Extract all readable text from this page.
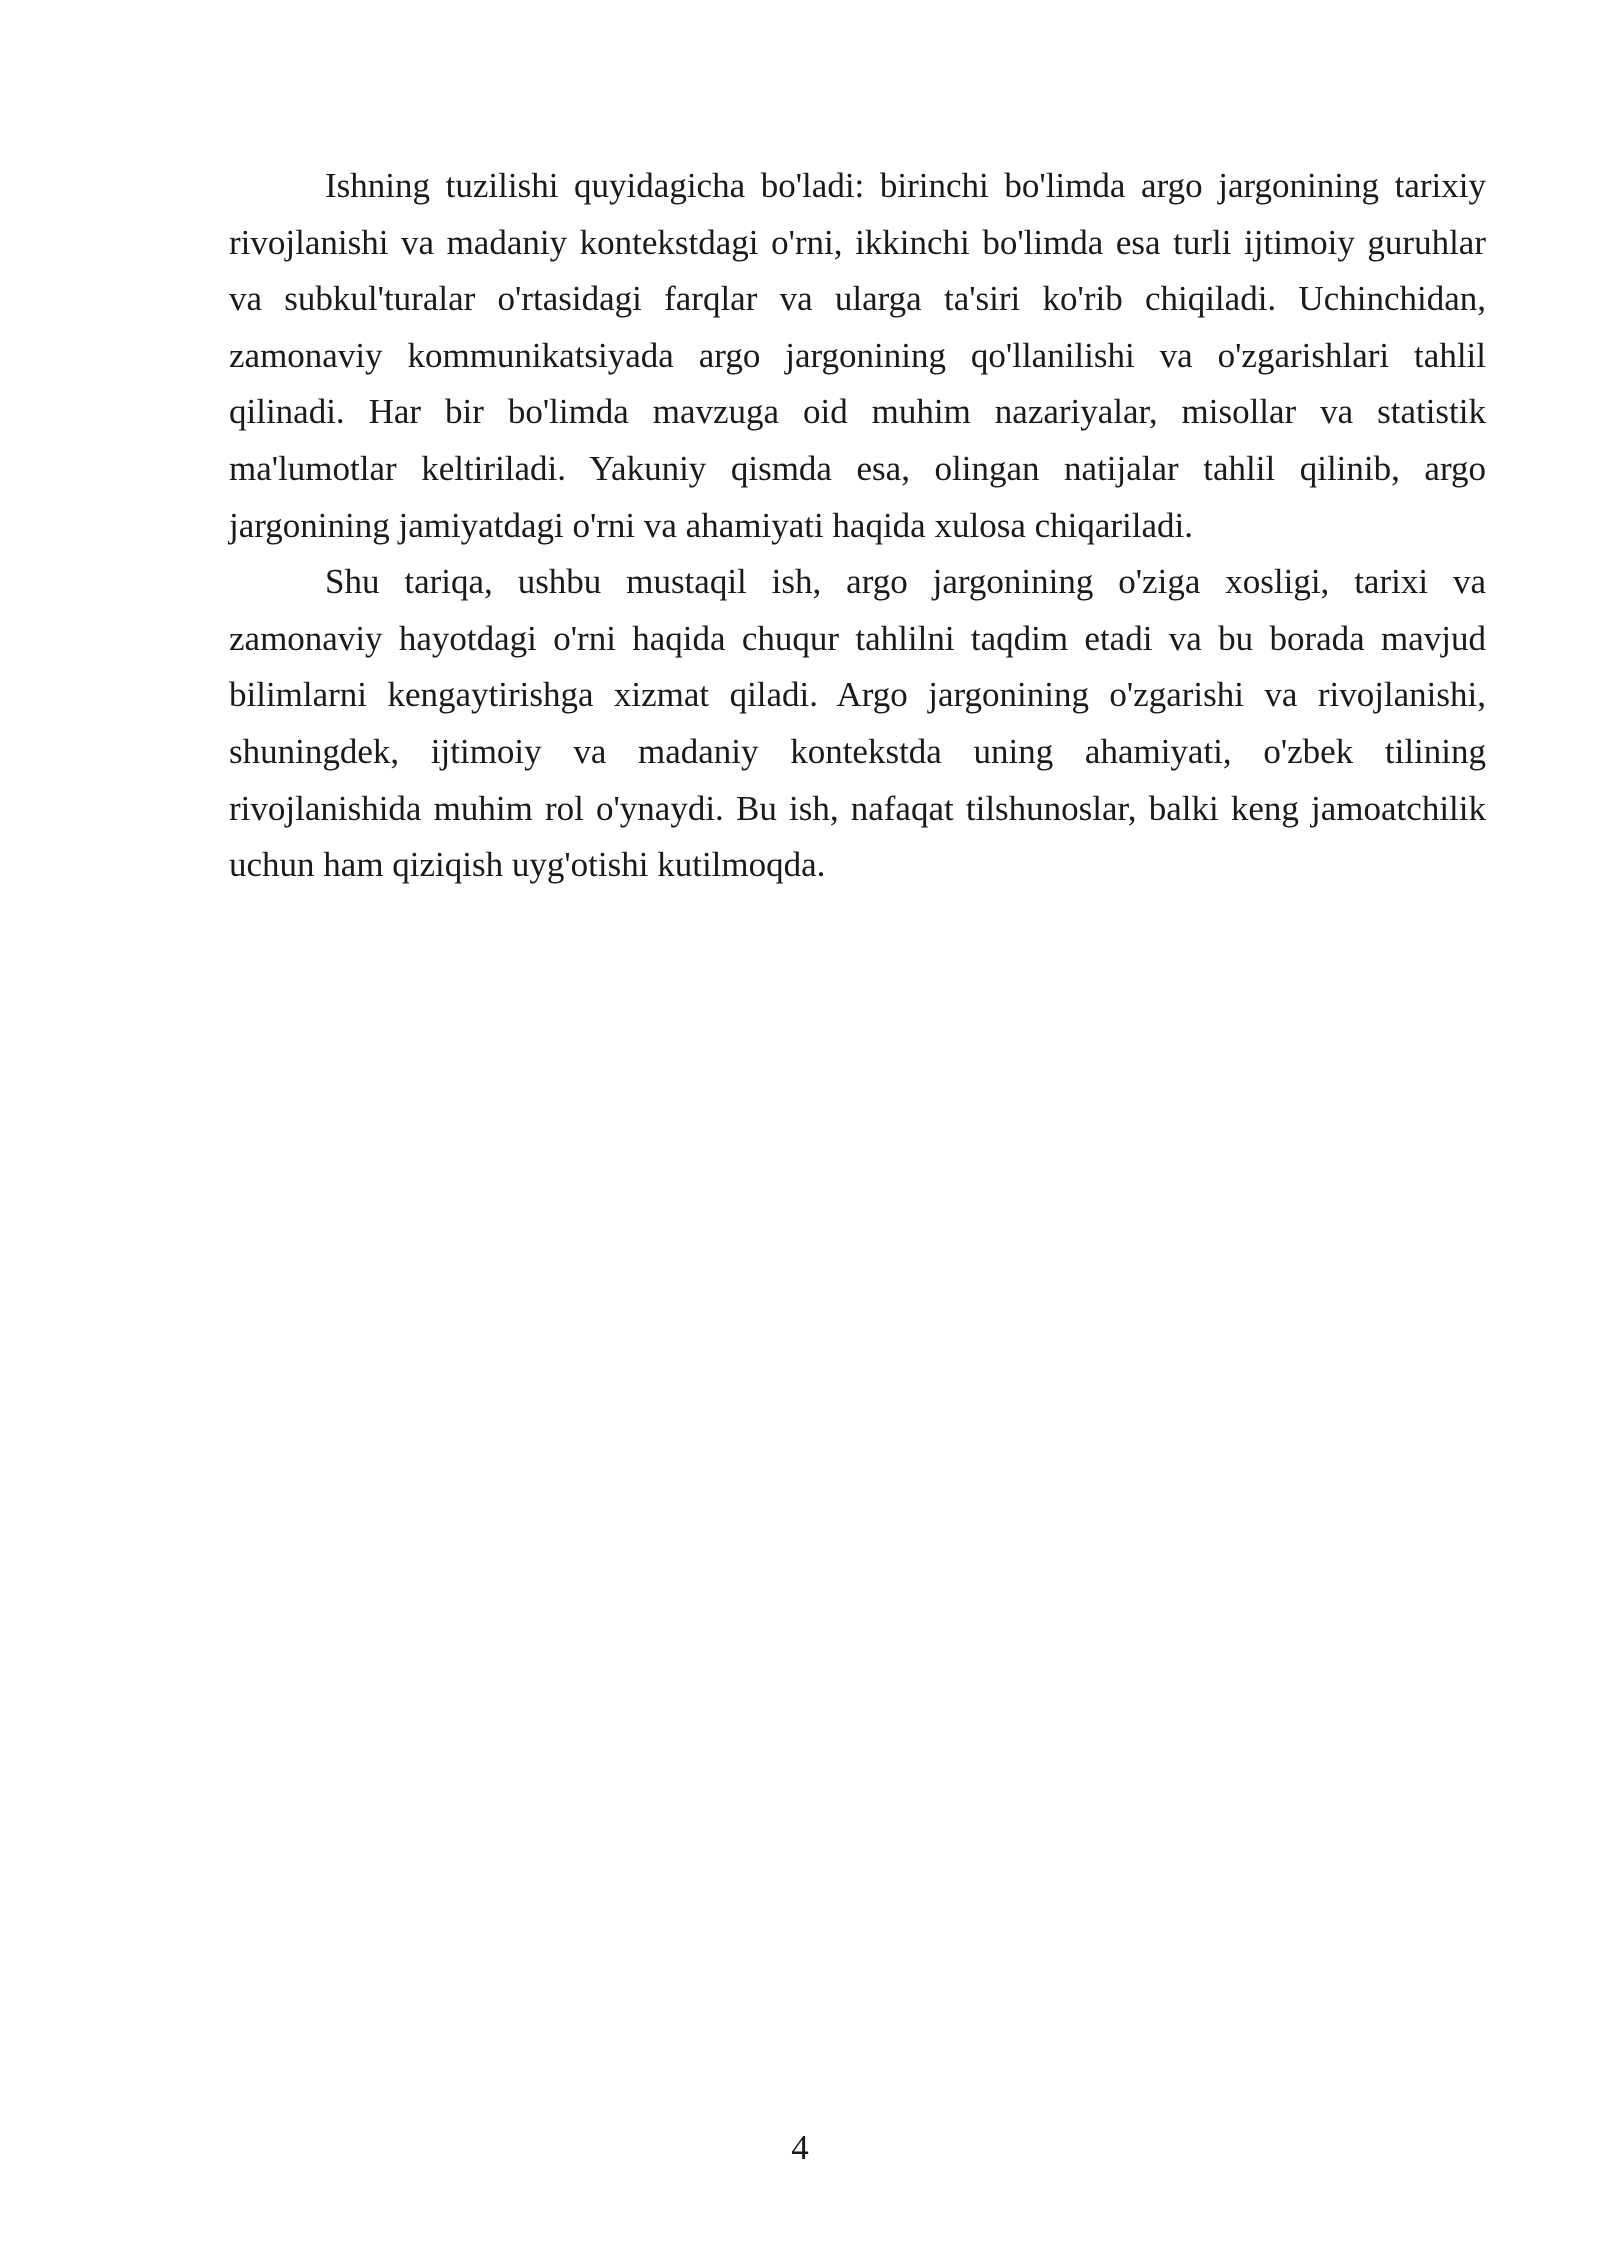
Ishning tuzilishi quyidagicha bo'ladi: birinchi bo'limda argo jargonining tarixiy rivojlanishi va madaniy kontekstdagi o'rni, ikkinchi bo'limda esa turli ijtimoiy guruhlar va subkul'turalar o'rtasidagi farqlar va ularga ta'siri ko'rib chiqiladi. Uchinchidan, zamonaviy kommunikatsiyada argo jargonining qo'llanilishi va o'zgarishlari tahlil qilinadi. Har bir bo'limda mavzuga oid muhim nazariyalar, misollar va statistik ma'lumotlar keltiriladi. Yakuniy qismda esa, olingan natijalar tahlil qilinib, argo jargonining jamiyatdagi o'rni va ahamiyati haqida xulosa chiqariladi.

Shu tariqa, ushbu mustaqil ish, argo jargonining o'ziga xosligi, tarixi va zamonaviy hayotdagi o'rni haqida chuqur tahlilni taqdim etadi va bu borada mavjud bilimlarni kengaytirishga xizmat qiladi. Argo jargonining o'zgarishi va rivojlanishi, shuningdek, ijtimoiy va madaniy kontekstda uning ahamiyati, o'zbek tilining rivojlanishida muhim rol o'ynaydi. Bu ish, nafaqat tilshunoslar, balki keng jamoatchilik uchun ham qiziqish uyg'otishi kutilmoqda.

4
